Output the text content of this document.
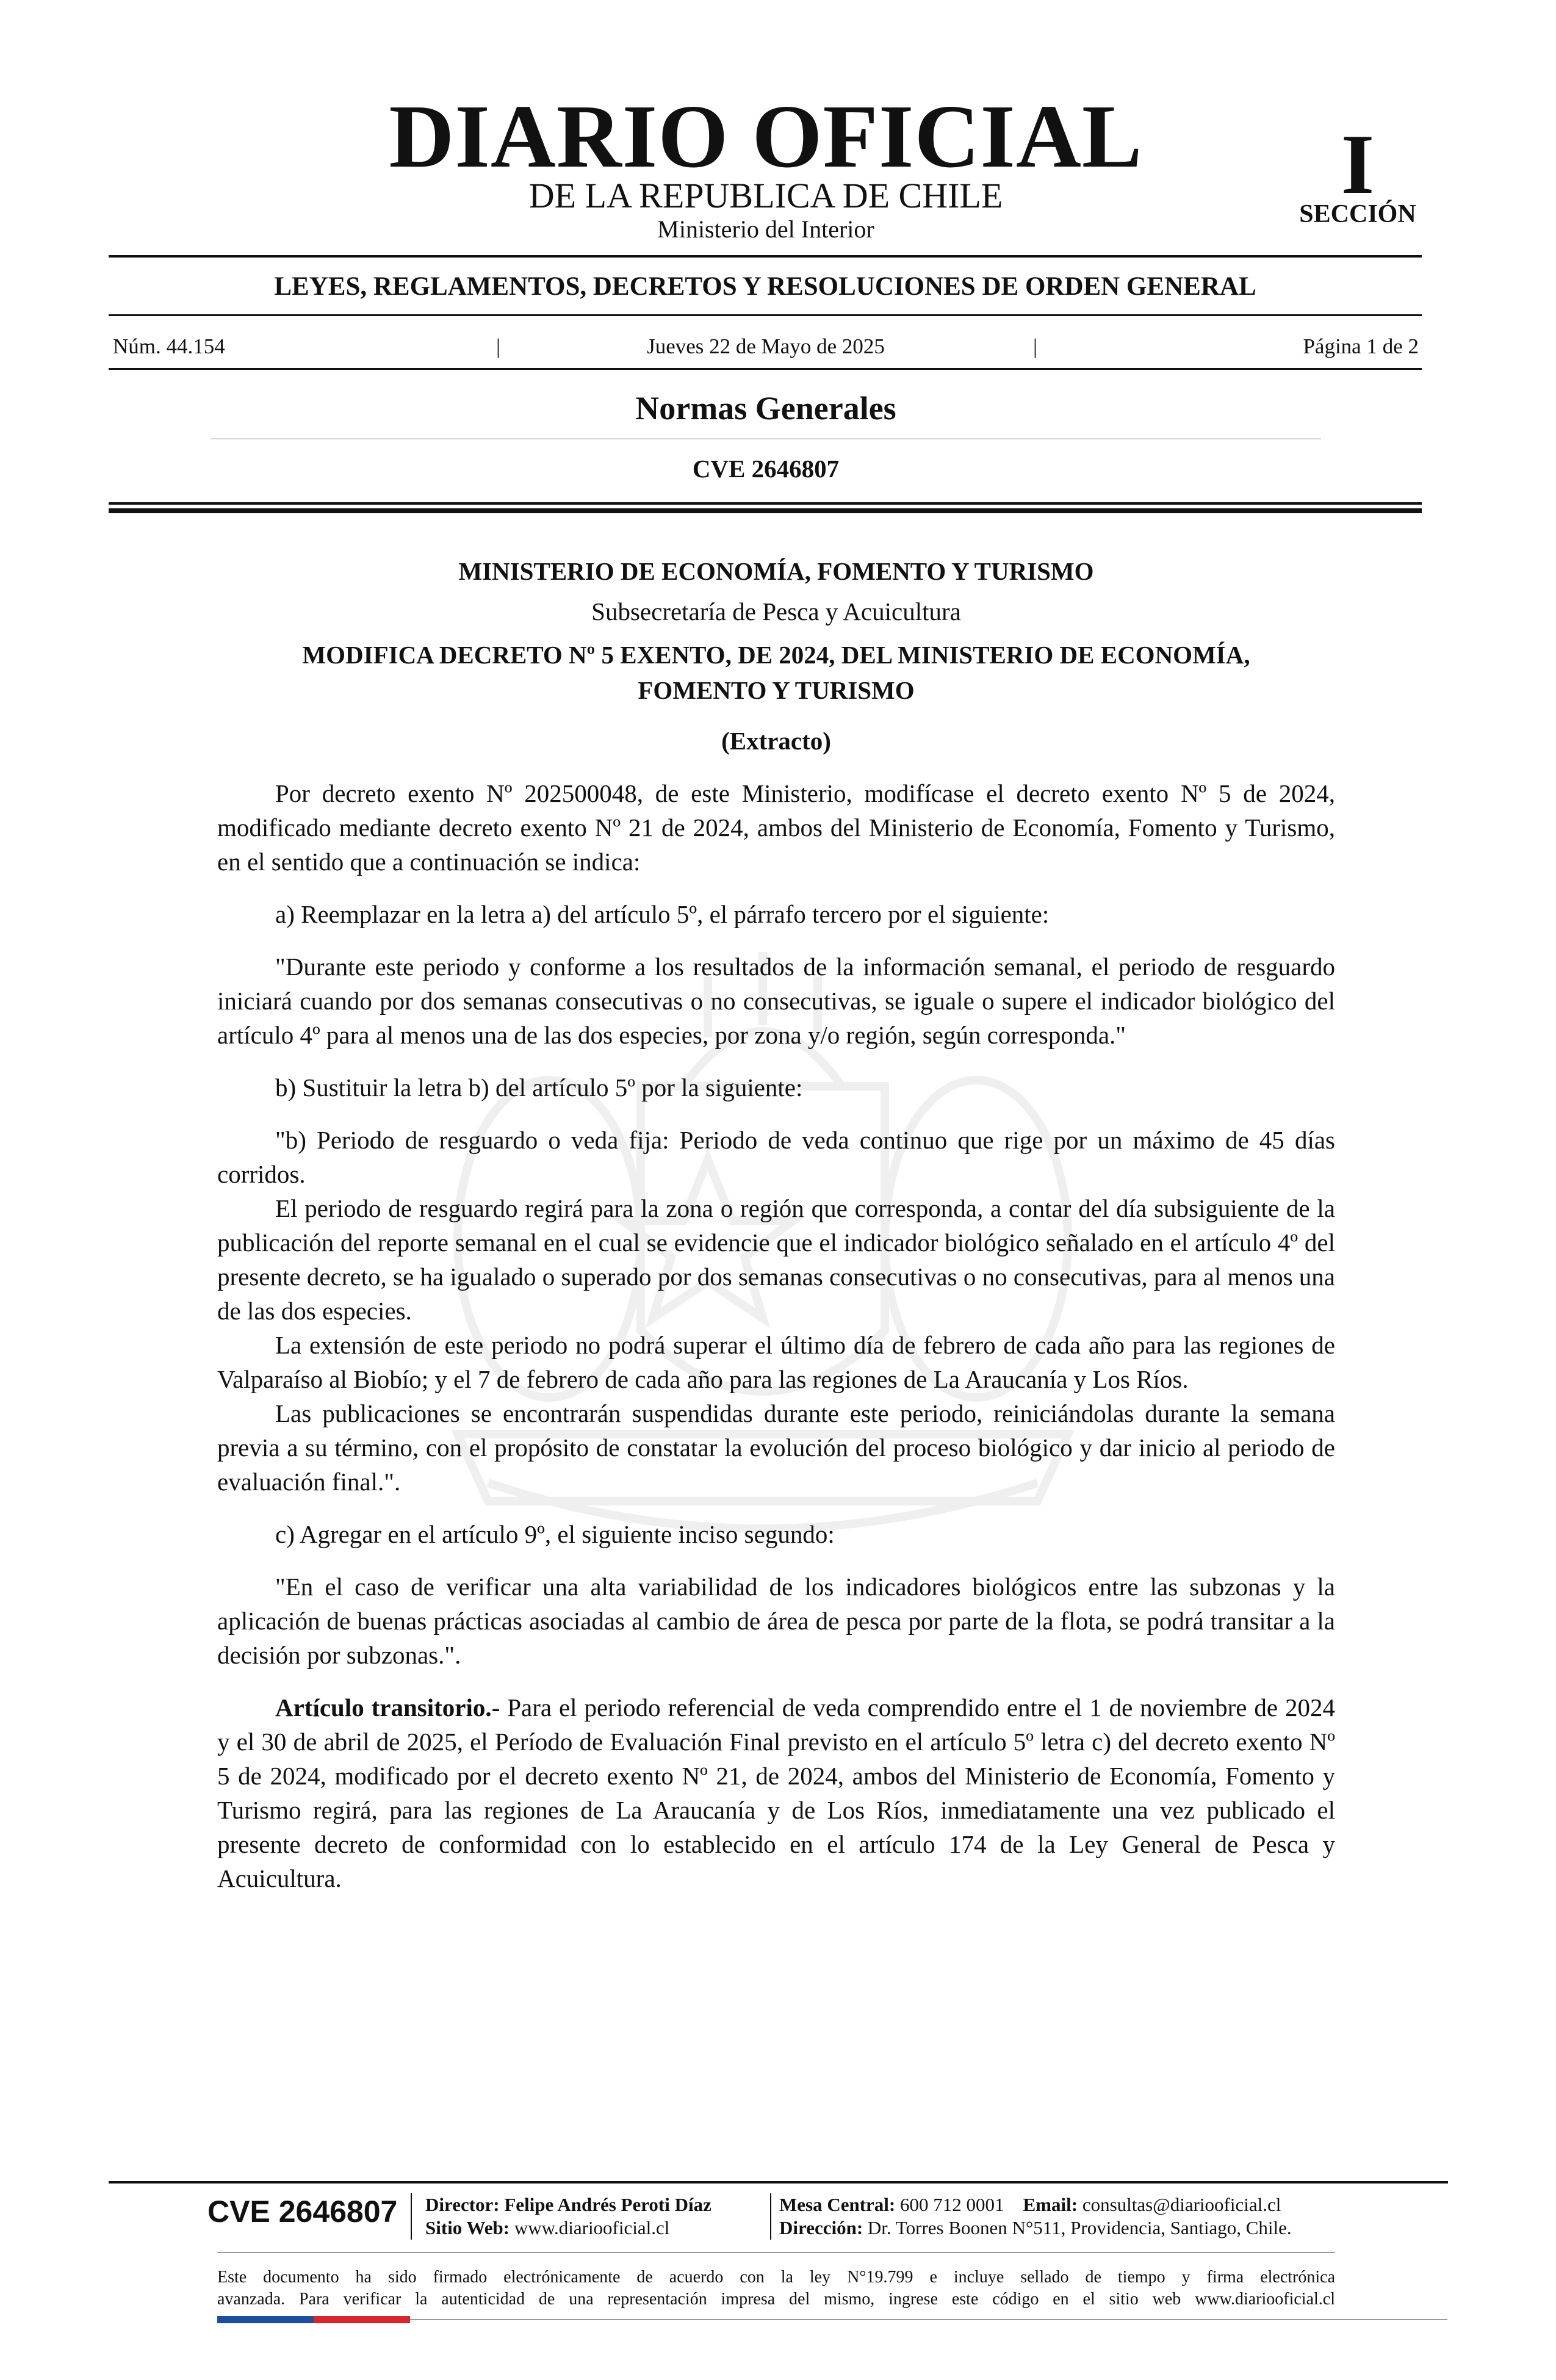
DIARIO OFICIAL
DE LA REPUBLICA DE CHILE
Ministerio del Interior
I
SECCIÓN
LEYES, REGLAMENTOS, DECRETOS Y RESOLUCIONES DE ORDEN GENERAL
Núm. 44.154	|	Jueves 22 de Mayo de 2025	|	Página 1 de 2
Normas Generales
CVE 2646807

MINISTERIO DE ECONOMÍA, FOMENTO Y TURISMO

Subsecretaría de Pesca y Acuicultura

MODIFICA DECRETO Nº 5 EXENTO, DE 2024, DEL MINISTERIO DE ECONOMÍA,
FOMENTO Y TURISMO

(Extracto)

Por decreto exento Nº 202500048, de este Ministerio, modifícase el decreto exento Nº 5 de 2024, modificado mediante decreto exento Nº 21 de 2024, ambos del Ministerio de Economía, Fomento y Turismo, en el sentido que a continuación se indica:

a) Reemplazar en la letra a) del artículo 5º, el párrafo tercero por el siguiente:

"Durante este periodo y conforme a los resultados de la información semanal, el periodo de resguardo iniciará cuando por dos semanas consecutivas o no consecutivas, se iguale o supere el indicador biológico del artículo 4º para al menos una de las dos especies, por zona y/o región, según corresponda."

b) Sustituir la letra b) del artículo 5º por la siguiente:

"b) Periodo de resguardo o veda fija: Periodo de veda continuo que rige por un máximo de 45 días corridos.

El periodo de resguardo regirá para la zona o región que corresponda, a contar del día subsiguiente de la publicación del reporte semanal en el cual se evidencie que el indicador biológico señalado en el artículo 4º del presente decreto, se ha igualado o superado por dos semanas consecutivas o no consecutivas, para al menos una de las dos especies.

La extensión de este periodo no podrá superar el último día de febrero de cada año para las regiones de Valparaíso al Biobío; y el 7 de febrero de cada año para las regiones de La Araucanía y Los Ríos.

Las publicaciones se encontrarán suspendidas durante este periodo, reiniciándolas durante la semana previa a su término, con el propósito de constatar la evolución del proceso biológico y dar inicio al periodo de evaluación final.".

c) Agregar en el artículo 9º, el siguiente inciso segundo:

"En el caso de verificar una alta variabilidad de los indicadores biológicos entre las subzonas y la aplicación de buenas prácticas asociadas al cambio de área de pesca por parte de la flota, se podrá transitar a la decisión por subzonas.".

Artículo transitorio.- Para el periodo referencial de veda comprendido entre el 1 de noviembre de 2024 y el 30 de abril de 2025, el Período de Evaluación Final previsto en el artículo 5º letra c) del decreto exento Nº 5 de 2024, modificado por el decreto exento Nº 21, de 2024, ambos del Ministerio de Economía, Fomento y Turismo regirá, para las regiones de La Araucanía y de Los Ríos, inmediatamente una vez publicado el presente decreto de conformidad con lo establecido en el artículo 174 de la Ley General de Pesca y Acuicultura.

CVE 2646807 Director: Felipe Andrés Peroti Díaz
Sitio Web: www.diariooficial.cl
Mesa Central: 600 712 0001 Email: consultas@diariooficial.cl
Dirección: Dr. Torres Boonen N°511, Providencia, Santiago, Chile.
Este documento ha sido firmado electrónicamente de acuerdo con la ley N°19.799 e incluye sellado de tiempo y firma electrónica
avanzada. Para verificar la autenticidad de una representación impresa del mismo, ingrese este código en el sitio web www.diariooficial.cl
